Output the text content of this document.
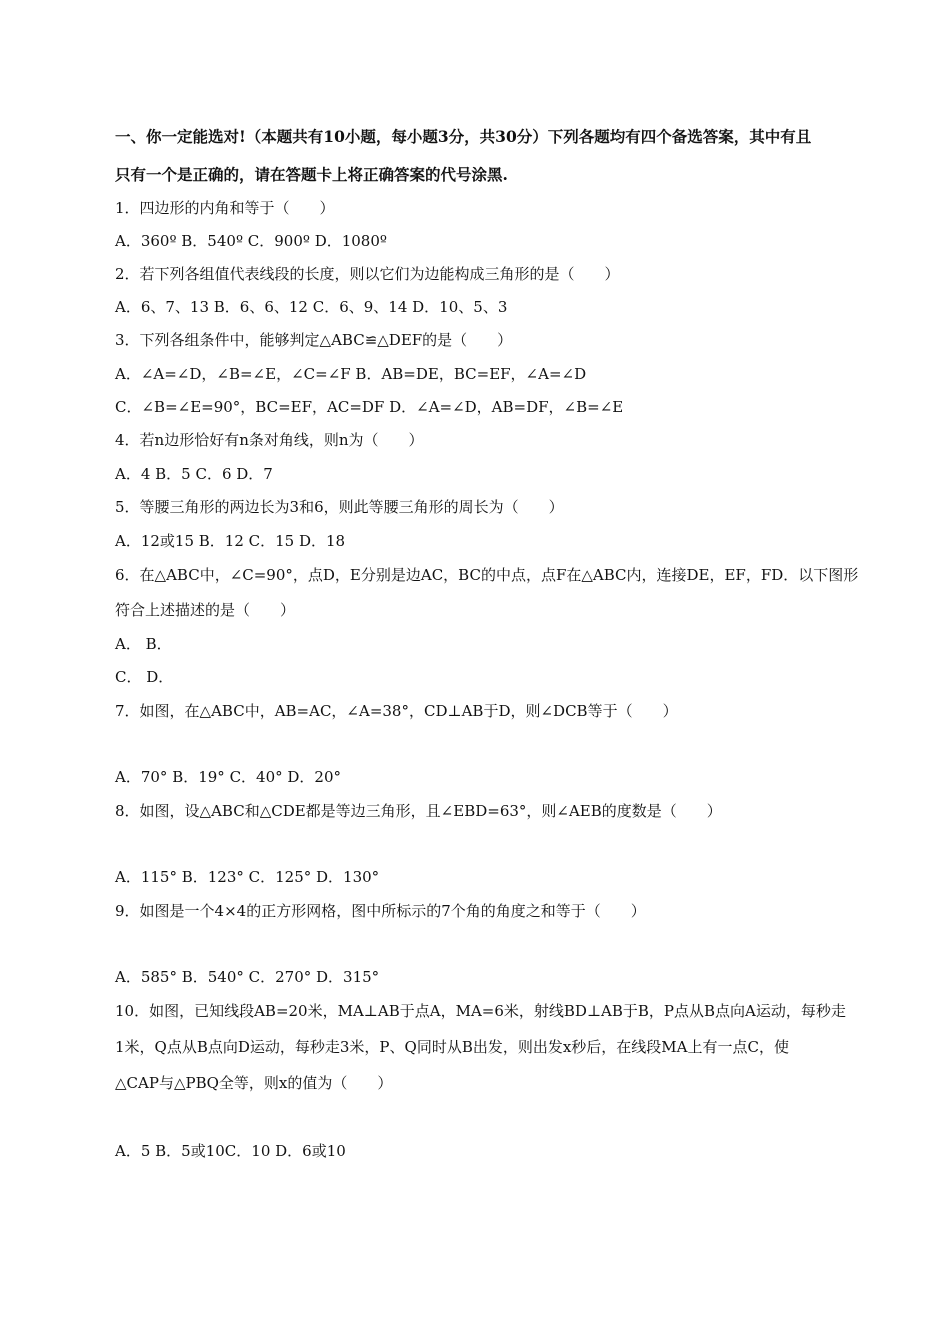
一、你一定能选对!（本题共有10小题，每小题3分，共30分）下列各题均有四个备选答案，其中有且
只有一个是正确的，请在答题卡上将正确答案的代号涂黑.
1．四边形的内角和等于（　　）
A．360º B．540º C．900º D．1080º
2．若下列各组值代表线段的长度，则以它们为边能构成三角形的是（　　）
A．6、7、13 B．6、6、12 C．6、9、14 D．10、5、3
3．下列各组条件中，能够判定△ABC≌△DEF的是（　　）
A．∠A=∠D，∠B=∠E，∠C=∠F B．AB=DE，BC=EF，∠A=∠D
C．∠B=∠E=90°，BC=EF，AC=DF D．∠A=∠D，AB=DF，∠B=∠E
4．若n边形恰好有n条对角线，则n为（　　）
A．4 B．5 C．6 D．7
5．等腰三角形的两边长为3和6，则此等腰三角形的周长为（　　）
A．12或15 B．12 C．15 D．18
6．在△ABC中，∠C=90°，点D，E分别是边AC，BC的中点，点F在△ABC内，连接DE，EF，FD．以下图形
符合上述描述的是（　　）
A． B．
C． D．
7．如图，在△ABC中，AB=AC，∠A=38°，CD⊥AB于D，则∠DCB等于（　　）
A．70° B．19° C．40° D．20°
8．如图，设△ABC和△CDE都是等边三角形，且∠EBD=63°，则∠AEB的度数是（　　）
A．115° B．123° C．125° D．130°
9．如图是一个4×4的正方形网格，图中所标示的7个角的角度之和等于（　　）
A．585° B．540° C．270° D．315°
10．如图，已知线段AB=20米，MA⊥AB于点A，MA=6米，射线BD⊥AB于B，P点从B点向A运动，每秒走
1米，Q点从B点向D运动，每秒走3米，P、Q同时从B出发，则出发x秒后，在线段MA上有一点C，使
△CAP与△PBQ全等，则x的值为（　　）
A．5 B．5或10C．10 D．6或10
